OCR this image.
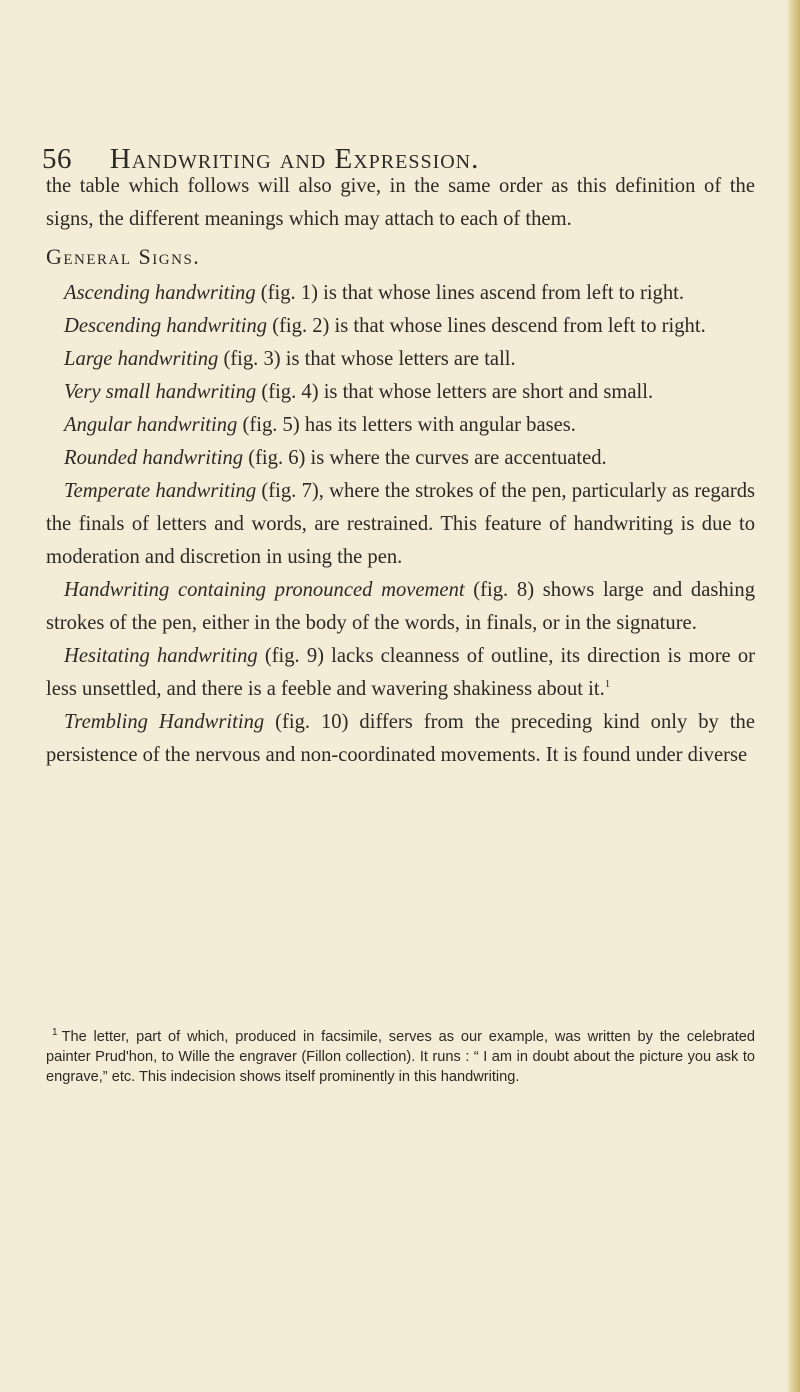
56 Handwriting and Expression.

the table which follows will also give, in the same order as this definition of the signs, the different meanings which may attach to each of them.

General Signs.

Ascending handwriting (fig. 1) is that whose lines ascend from left to right.

Descending handwriting (fig. 2) is that whose lines descend from left to right.

Large handwriting (fig. 3) is that whose letters are tall.

Very small handwriting (fig. 4) is that whose letters are short and small.

Angular handwriting (fig. 5) has its letters with angular bases.

Rounded handwriting (fig. 6) is where the curves are accentuated.

Temperate handwriting (fig. 7), where the strokes of the pen, particularly as regards the finals of letters and words, are restrained. This feature of handwriting is due to moderation and discretion in using the pen.

Handwriting containing pronounced movement (fig. 8) shows large and dashing strokes of the pen, either in the body of the words, in finals, or in the signature.

Hesitating handwriting (fig. 9) lacks cleanness of outline, its direction is more or less unsettled, and there is a feeble and wavering shakiness about it.$^1$

Trembling Handwriting (fig. 10) differs from the preceding kind only by the persistence of the nervous and non-coordinated movements. It is found under diverse

$^1$ The letter, part of which, produced in facsimile, serves as our example, was written by the celebrated painter Prud'hon, to Wille the engraver (Fillon collection). It runs : “ I am in doubt about the picture you ask to engrave,” etc. This indecision shows itself prominently in this handwriting.
